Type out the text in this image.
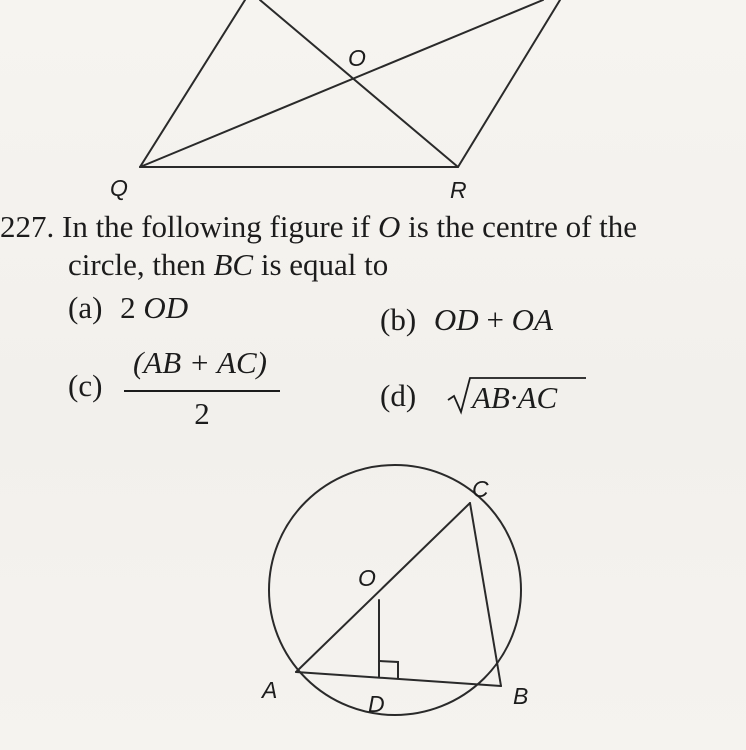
O
Q	R
227. In the following figure if O is the centre of the
circle, then BC is equal to
(a) 2 OD	(b) OD + OA
(c)
(AB + AC)
2
(d) AB·AC
C
O
A
D	B
